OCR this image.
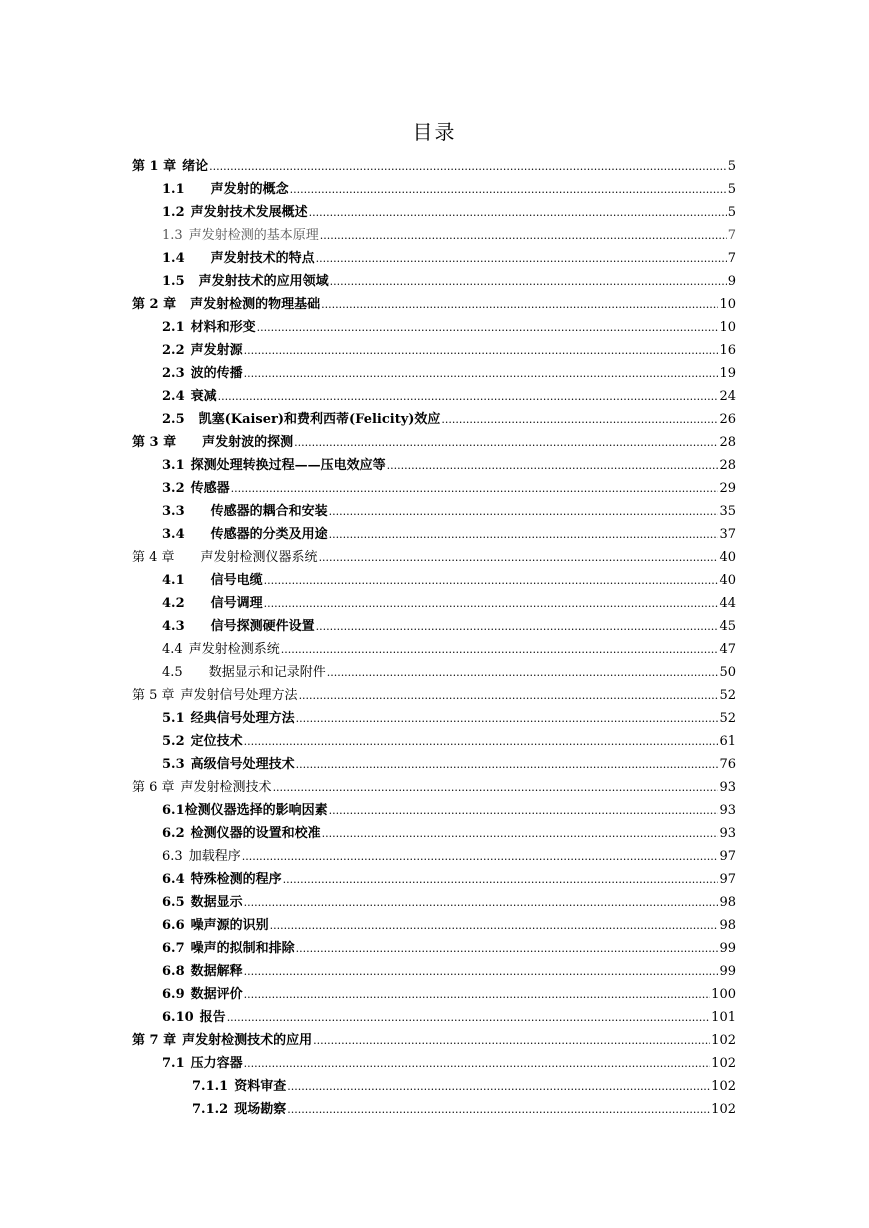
目录
第 1 章 绪论 .....	5
1.1 声发射的概念 .....	5
1.2 声发射技术发展概述 .....	5
1.3 声发射检测的基本原理 .....	7
1.4 声发射技术的特点 .....	7
1.5 声发射技术的应用领域 .....	9
第 2 章 声发射检测的物理基础 .....	10
2.1 材料和形变 .....	10
2.2 声发射源 .....	16
2.3 波的传播 .....	19
2.4 衰减 .....	24
2.5 凯塞(Kaiser)和费利西蒂(Felicity)效应 .....	26
第 3 章 声发射波的探测 .....	28
3.1 探测处理转换过程——压电效应等 .....	28
3.2 传感器 .....	29
3.3 传感器的耦合和安装 .....	35
3.4 传感器的分类及用途 .....	37
第 4 章 声发射检测仪器系统 .....	40
4.1 信号电缆 .....	40
4.2 信号调理 .....	44
4.3 信号探测硬件设置 .....	45
4.4 声发射检测系统 .....	47
4.5 数据显示和记录附件 .....	50
第 5 章 声发射信号处理方法 .....	52
5.1 经典信号处理方法 .....	52
5.2 定位技术 .....	61
5.3 高级信号处理技术 .....	76
第 6 章 声发射检测技术 .....	93
6.1 检测仪器选择的影响因素 .....	93
6.2 检测仪器的设置和校准 .....	93
6.3 加载程序 .....	97
6.4 特殊检测的程序 .....	97
6.5 数据显示 .....	98
6.6 噪声源的识别 .....	98
6.7 噪声的拟制和排除 .....	99
6.8 数据解释 .....	99
6.9 数据评价 .....	100
6.10 报告 .....	101
第 7 章 声发射检测技术的应用 .....	102
7.1 压力容器 .....	102
7.1.1 资料审查 .....	102
7.1.2 现场勘察 .....	102
